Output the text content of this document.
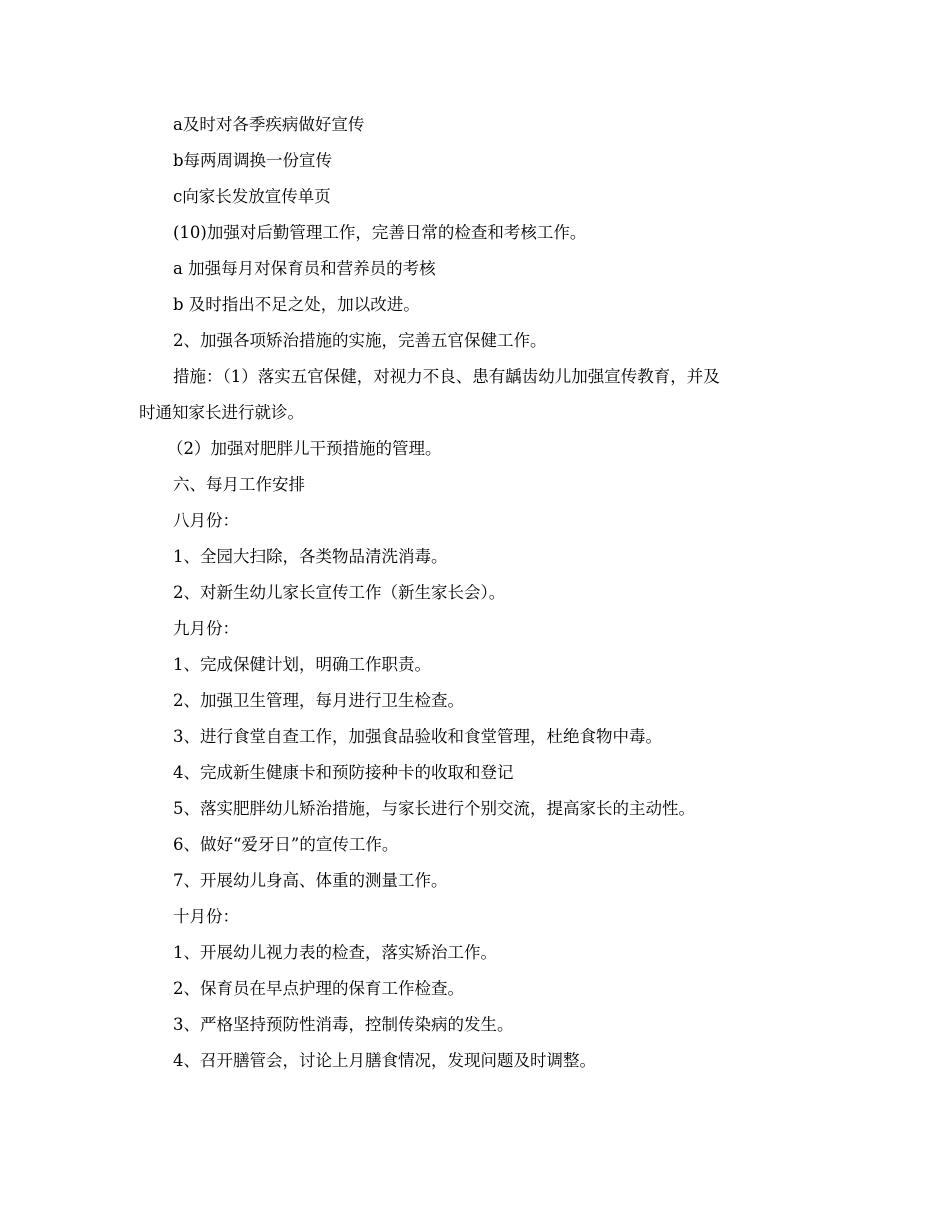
a及时对各季疾病做好宣传

b每两周调换一份宣传

c向家长发放宣传单页

(10)加强对后勤管理工作，完善日常的检查和考核工作。

a 加强每月对保育员和营养员的考核

b 及时指出不足之处，加以改进。

2、加强各项矫治措施的实施，完善五官保健工作。

措施：（1）落实五官保健，对视力不良、患有龋齿幼儿加强宣传教育，并及

时通知家长进行就诊。

（2）加强对肥胖儿干预措施的管理。

六、每月工作安排

八月份：

1、全园大扫除，各类物品清洗消毒。

2、对新生幼儿家长宣传工作（新生家长会）。

九月份：

1、完成保健计划，明确工作职责。

2、加强卫生管理，每月进行卫生检查。

3、进行食堂自查工作，加强食品验收和食堂管理，杜绝食物中毒。

4、完成新生健康卡和预防接种卡的收取和登记

5、落实肥胖幼儿矫治措施，与家长进行个别交流，提高家长的主动性。

6、做好“爱牙日”的宣传工作。

7、开展幼儿身高、体重的测量工作。

十月份：

1、开展幼儿视力表的检查，落实矫治工作。

2、保育员在早点护理的保育工作检查。

3、严格坚持预防性消毒，控制传染病的发生。

4、召开膳管会，讨论上月膳食情况，发现问题及时调整。
